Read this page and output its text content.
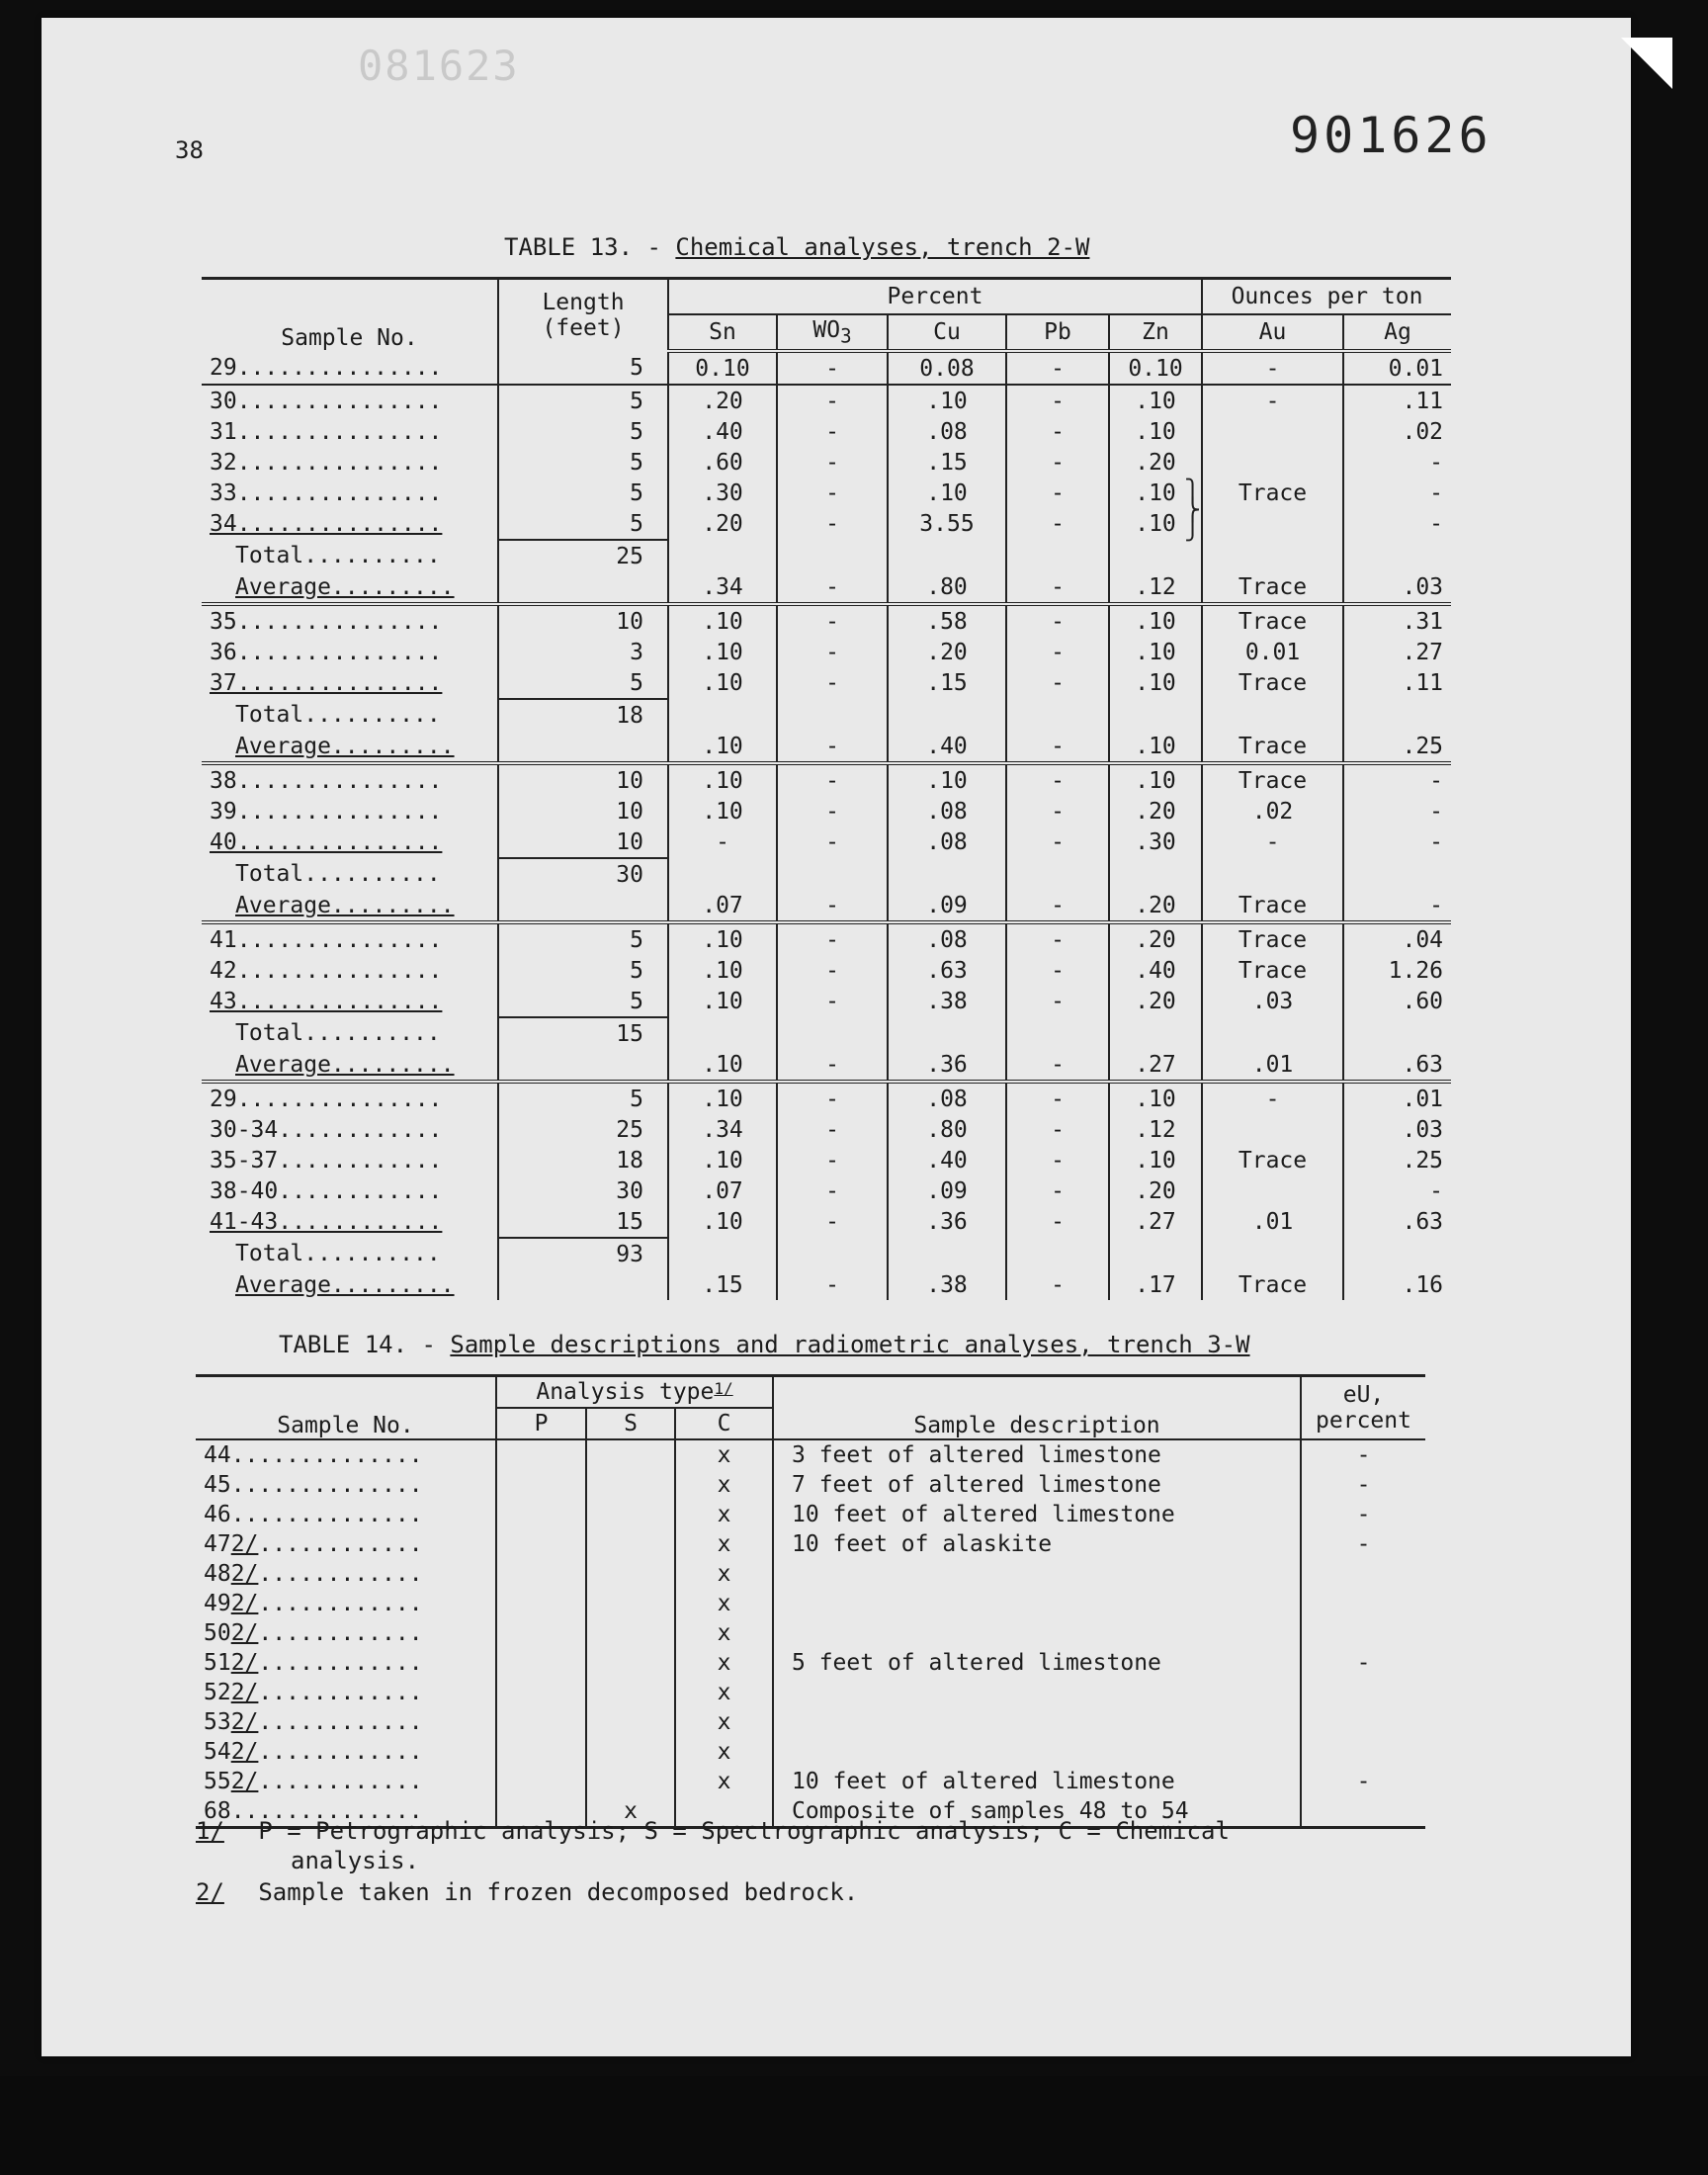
081623
901626
38
TABLE 13. - Chemical analyses, trench 2-W
Sample No.	Length
(feet)	Percent					Ounces per ton	
		Sn	$WO_3$	Cu	Pb	Zn	Au	Ag
29...............	5	0.10	-	0.08	-	0.10	-	0.01
30...............	5	.20	-	.10	-	.10	-	.11
31...............	5	.40	-	.08	-	.10		.02
32...............	5	.60	-	.15	-	.20		-
33...............	5	.30	-	.10	-	.10	Trace	-
34...............	5	.20	-	3.55	-	.10		-
Total..........	25							
Average.........		.34	-	.80	-	.12	Trace	.03
35...............	10	.10	-	.58	-	.10	Trace	.31
36...............	3	.10	-	.20	-	.10	0.01	.27
37...............	5	.10	-	.15	-	.10	Trace	.11
Total..........	18							
Average.........		.10	-	.40	-	.10	Trace	.25
38...............	10	.10	-	.10	-	.10	Trace	-
39...............	10	.10	-	.08	-	.20	.02	-
40...............	10	-	-	.08	-	.30	-	-
Total..........	30							
Average.........		.07	-	.09	-	.20	Trace	-
41...............	5	.10	-	.08	-	.20	Trace	.04
42...............	5	.10	-	.63	-	.40	Trace	1.26
43...............	5	.10	-	.38	-	.20	.03	.60
Total..........	15							
Average.........		.10	-	.36	-	.27	.01	.63
29...............	5	.10	-	.08	-	.10	-	.01
30-34............	25	.34	-	.80	-	.12		.03
35-37............	18	.10	-	.40	-	.10	Trace	.25
38-40............	30	.07	-	.09	-	.20		-
41-43............	15	.10	-	.36	-	.27	.01	.63
Total..........	93							
Average.........		.15	-	.38	-	.17	Trace	.16
TABLE 14. - Sample descriptions and radiometric analyses, trench 3-W
Sample No.	Analysis type$^{1/}$			Sample description	eU,
percent

	P	S	C		
44..............			x	3 feet of altered limestone	-
45..............			x	7 feet of altered limestone	-
46..............			x	10 feet of altered limestone	-
472/............			x	10 feet of alaskite	-
482/............			x		
492/............			x		
502/............			x		
512/............			x	5 feet of altered limestone	-
522/............			x		
532/............			x		
542/............			x		
552/............			x	10 feet of altered limestone	-
68..............		x		Composite of samples 48 to 54	
⎫
⎬
⎭
1/ P = Petrographic analysis; S = Spectrographic analysis; C = Chemical
analysis.
2/ Sample taken in frozen decomposed bedrock.
